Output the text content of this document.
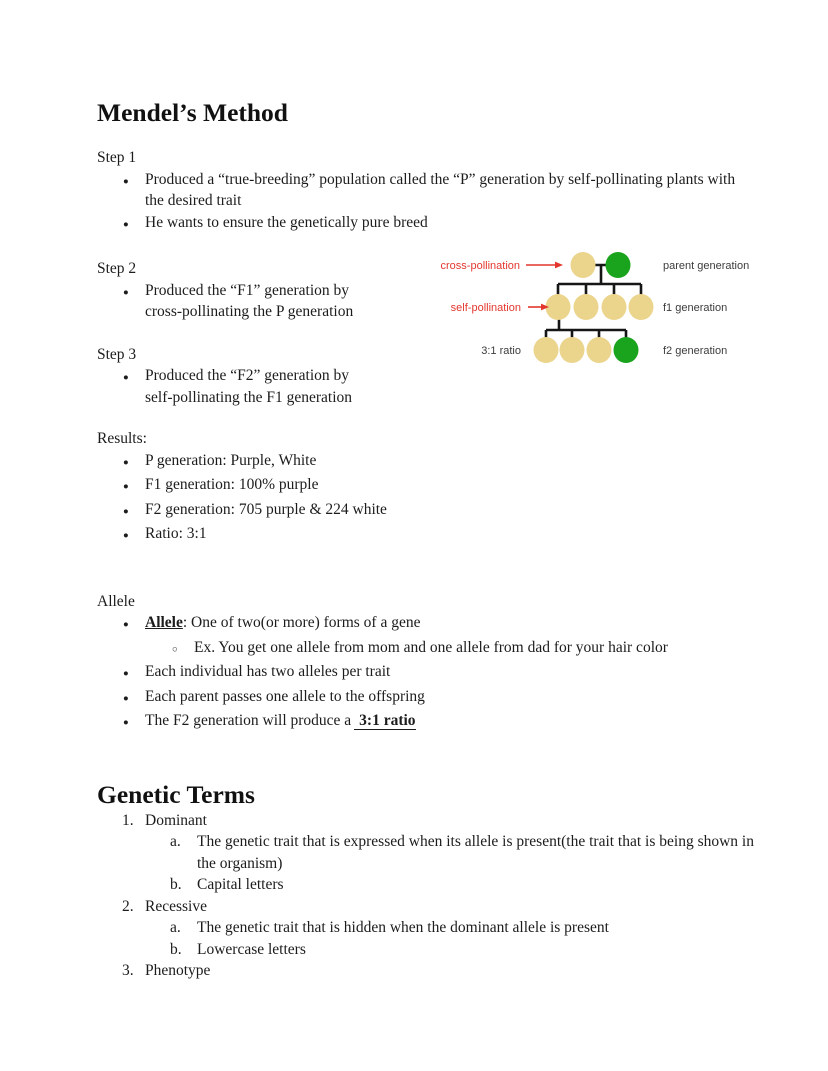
Mendel’s Method

Step 1

●	Produced a “true-breeding” population called the “P” generation by self-pollinating plants with the desired trait
●	He wants to ensure the genetically pure breed

Step 2

●	Produced the “F1” generation by cross-pollinating the P generation

Step 3

●	Produced the “F2” generation by self-pollinating the F1 generation

Results:

●	P generation: Purple, White
●	F1 generation: 100% purple
●	F2 generation: 705 purple & 224 white
●	Ratio: 3:1

Allele

●	Allele: One of two(or more) forms of a gene
○	Ex. You get one allele from mom and one allele from dad for your hair color
●	Each individual has two alleles per trait
●	Each parent passes one allele to the offspring
●	The F2 generation will produce a 3:1 ratio
Genetic Terms
1. Dominant
a.	The genetic trait that is expressed when its allele is present(the trait that is being shown in the organism)
b. Capital letters
2. Recessive
a.	The genetic trait that is hidden when the dominant allele is present
b. Lowercase letters
3. Phenotype
cross-pollination
self-pollination
3:1 ratio
parent generation
f1 generation
f2 generation
